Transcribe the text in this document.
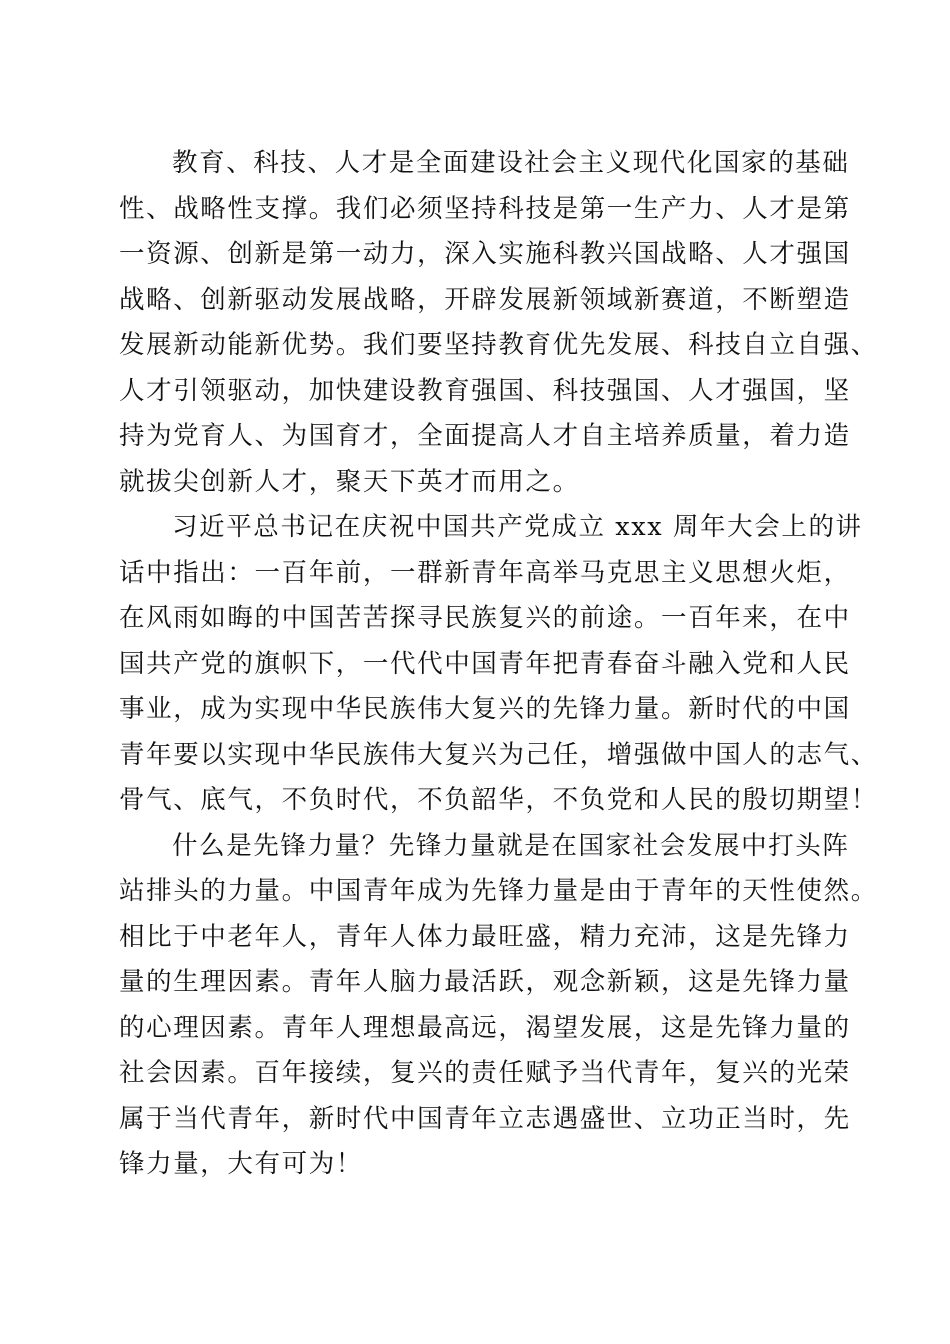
教育、科技、人才是全面建设社会主义现代化国家的基础
性、战略性支撑。我们必须坚持科技是第一生产力、人才是第
一资源、创新是第一动力，深入实施科教兴国战略、人才强国
战略、创新驱动发展战略，开辟发展新领域新赛道，不断塑造
发展新动能新优势。我们要坚持教育优先发展、科技自立自强、
人才引领驱动，加快建设教育强国、科技强国、人才强国，坚
持为党育人、为国育才，全面提高人才自主培养质量，着力造
就拔尖创新人才，聚天下英才而用之。
习近平总书记在庆祝中国共产党成立 xxx 周年大会上的讲
话中指出：一百年前，一群新青年高举马克思主义思想火炬，
在风雨如晦的中国苦苦探寻民族复兴的前途。一百年来，在中
国共产党的旗帜下，一代代中国青年把青春奋斗融入党和人民
事业，成为实现中华民族伟大复兴的先锋力量。新时代的中国
青年要以实现中华民族伟大复兴为己任，增强做中国人的志气、
骨气、底气，不负时代，不负韶华，不负党和人民的殷切期望！
什么是先锋力量？先锋力量就是在国家社会发展中打头阵
站排头的力量。中国青年成为先锋力量是由于青年的天性使然。
相比于中老年人，青年人体力最旺盛，精力充沛，这是先锋力
量的生理因素。青年人脑力最活跃，观念新颖，这是先锋力量
的心理因素。青年人理想最高远，渴望发展，这是先锋力量的
社会因素。百年接续，复兴的责任赋予当代青年，复兴的光荣
属于当代青年，新时代中国青年立志遇盛世、立功正当时，先
锋力量，大有可为！
